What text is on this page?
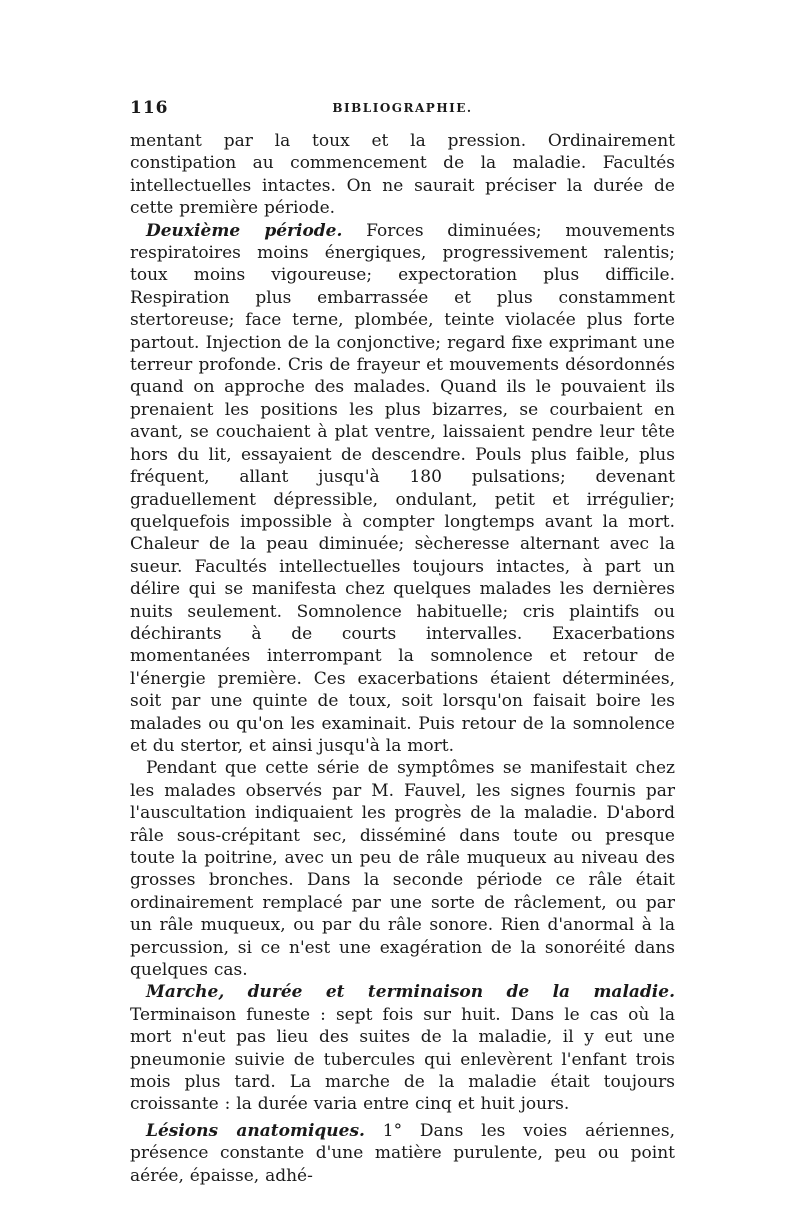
116	BIBLIOGRAPHIE.

mentant par la toux et la pression. Ordinairement constipation au commencement de la maladie. Facultés intellectuelles intactes. On ne saurait préciser la durée de cette première période.

Deuxième période. Forces diminuées; mouvements respiratoires moins énergiques, progressivement ralentis; toux moins vigoureuse; expectoration plus difficile. Respiration plus embarrassée et plus constamment stertoreuse; face terne, plombée, teinte violacée plus forte partout. Injection de la conjonctive; regard fixe exprimant une terreur profonde. Cris de frayeur et mouvements désordonnés quand on approche des malades. Quand ils le pouvaient ils prenaient les positions les plus bizarres, se courbaient en avant, se couchaient à plat ventre, laissaient pendre leur tête hors du lit, essayaient de descendre. Pouls plus faible, plus fréquent, allant jusqu'à 180 pulsations; devenant graduellement dépressible, ondulant, petit et irrégulier; quelquefois impossible à compter longtemps avant la mort. Chaleur de la peau diminuée; sècheresse alternant avec la sueur. Facultés intellectuelles toujours intactes, à part un délire qui se manifesta chez quelques malades les dernières nuits seulement. Somnolence habituelle; cris plaintifs ou déchirants à de courts intervalles. Exacerbations momentanées interrompant la somnolence et retour de l'énergie première. Ces exacerbations étaient déterminées, soit par une quinte de toux, soit lorsqu'on faisait boire les malades ou qu'on les examinait. Puis retour de la somnolence et du stertor, et ainsi jusqu'à la mort.

Pendant que cette série de symptômes se manifestait chez les malades observés par M. Fauvel, les signes fournis par l'auscultation indiquaient les progrès de la maladie. D'abord râle sous-crépitant sec, disséminé dans toute ou presque toute la poitrine, avec un peu de râle muqueux au niveau des grosses bronches. Dans la seconde période ce râle était ordinairement remplacé par une sorte de râclement, ou par un râle muqueux, ou par du râle sonore. Rien d'anormal à la percussion, si ce n'est une exagération de la sonoréité dans quelques cas.

Marche, durée et terminaison de la maladie. Terminaison funeste : sept fois sur huit. Dans le cas où la mort n'eut pas lieu des suites de la maladie, il y eut une pneumonie suivie de tubercules qui enlevèrent l'enfant trois mois plus tard. La marche de la maladie était toujours croissante : la durée varia entre cinq et huit jours.

Lésions anatomiques. 1° Dans les voies aériennes, présence constante d'une matière purulente, peu ou point aérée, épaisse, adhé-
